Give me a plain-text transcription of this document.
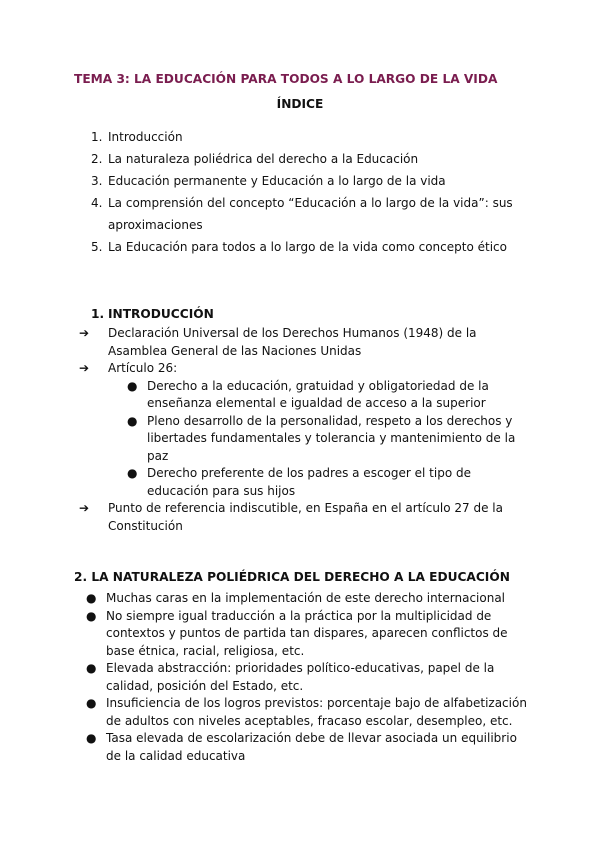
TEMA 3: LA EDUCACIÓN PARA TODOS A LO LARGO DE LA VIDA
ÍNDICE
1. Introducción
2. La naturaleza poliédrica del derecho a la Educación
3. Educación permanente y Educación a lo largo de la vida
4. La comprensión del concepto “Educación a lo largo de la vida”: sus aproximaciones
5. La Educación para todos a lo largo de la vida como concepto ético
1. INTRODUCCIÓN
➔	Declaración Universal de los Derechos Humanos (1948) de la Asamblea General de las Naciones Unidas
➔	Artículo 26:
● Derecho a la educación, gratuidad y obligatoriedad de la enseñanza elemental e igualdad de acceso a la superior
● Pleno desarrollo de la personalidad, respeto a los derechos y libertades fundamentales y tolerancia y mantenimiento de la paz
● Derecho preferente de los padres a escoger el tipo de educación para sus hijos
➔	Punto de referencia indiscutible, en España en el artículo 27 de la Constitución
2. LA NATURALEZA POLIÉDRICA DEL DERECHO A LA EDUCACIÓN
● Muchas caras en la implementación de este derecho internacional
● No siempre igual traducción a la práctica por la multiplicidad de contextos y puntos de partida tan dispares, aparecen conflictos de base étnica, racial, religiosa, etc.
● Elevada abstracción: prioridades político-educativas, papel de la calidad, posición del Estado, etc.
● Insuficiencia de los logros previstos: porcentaje bajo de alfabetización de adultos con niveles aceptables, fracaso escolar, desempleo, etc.
● Tasa elevada de escolarización debe de llevar asociada un equilibrio de la calidad educativa
